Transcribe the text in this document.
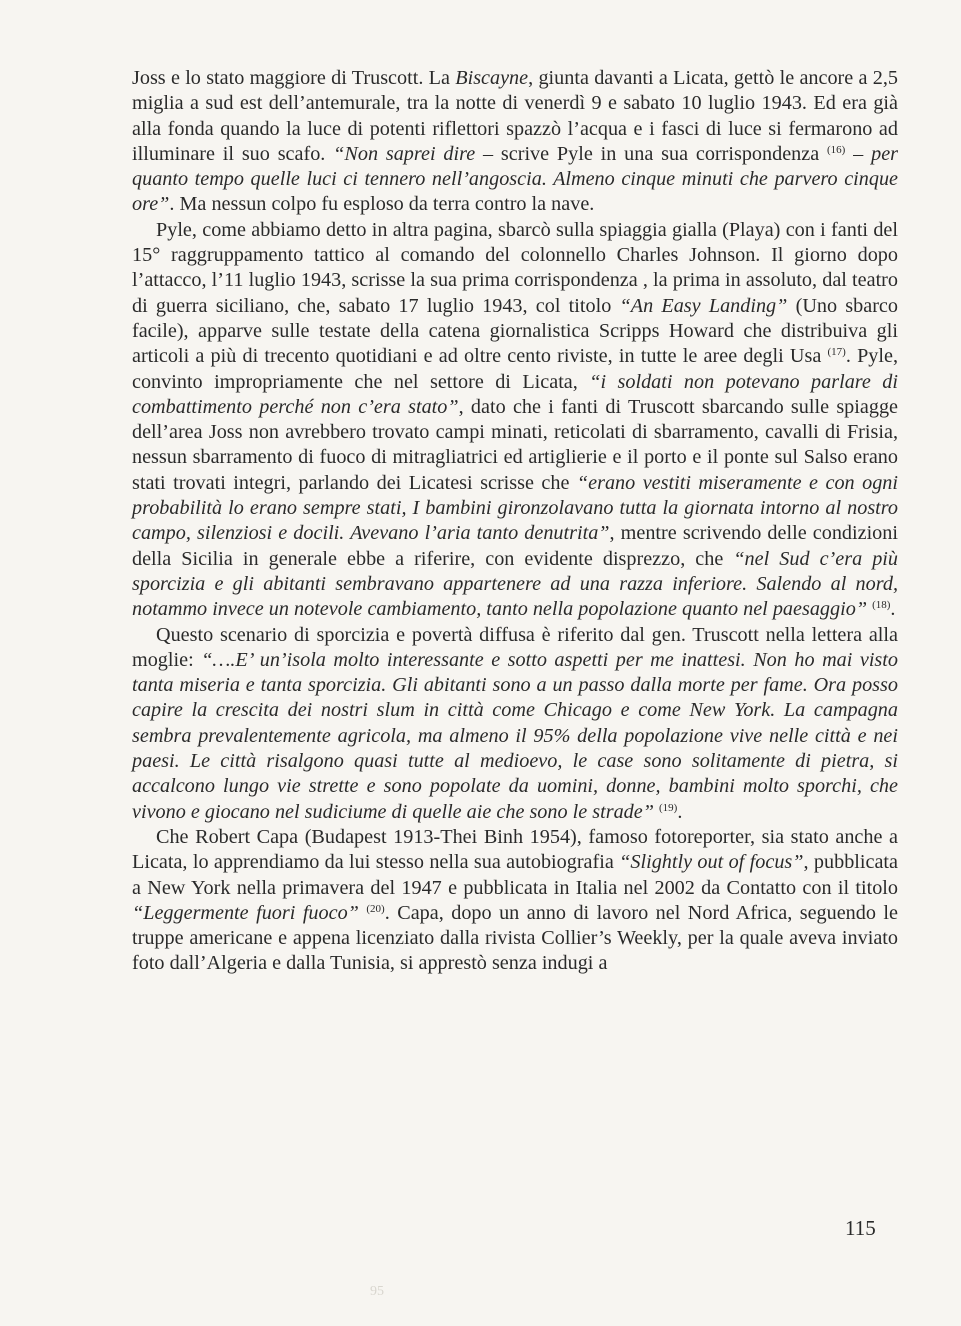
Joss e lo stato maggiore di Truscott. La Biscayne, giunta davanti a Licata, gettò le ancore a 2,5 miglia a sud est dell’antemurale, tra la notte di venerdì 9 e sabato 10 luglio 1943. Ed era già alla fonda quando la luce di potenti riflettori spazzò l’acqua e i fasci di luce si fermarono ad illuminare il suo scafo. “Non saprei dire – scrive Pyle in una sua corrispondenza $^{(16)}$ – per quanto tempo quelle luci ci tennero nell’angoscia. Almeno cinque minuti che parvero cinque ore”. Ma nessun colpo fu esploso da terra contro la nave.

Pyle, come abbiamo detto in altra pagina, sbarcò sulla spiaggia gialla (Playa) con i fanti del 15° raggruppamento tattico al comando del colonnello Charles Johnson. Il giorno dopo l’attacco, l’11 luglio 1943, scrisse la sua prima corrispondenza , la prima in assoluto, dal teatro di guerra siciliano, che, sabato 17 luglio 1943, col titolo “An Easy Landing” (Uno sbarco facile), apparve sulle testate della catena giornalistica Scripps Howard che distribuiva gli articoli a più di trecento quotidiani e ad oltre cento riviste, in tutte le aree degli Usa $^{(17)}$. Pyle, convinto impropriamente che nel settore di Licata, “i soldati non potevano parlare di combattimento perché non c’era stato”, dato che i fanti di Truscott sbarcando sulle spiagge dell’area Joss non avrebbero trovato campi minati, reticolati di sbarramento, cavalli di Frisia, nessun sbarramento di fuoco di mitragliatrici ed artiglierie e il porto e il ponte sul Salso erano stati trovati integri, parlando dei Licatesi scrisse che “erano vestiti miseramente e con ogni probabilità lo erano sempre stati, I bambini gironzolavano tutta la giornata intorno al nostro campo, silenziosi e docili. Avevano l’aria tanto denutrita”, mentre scrivendo delle condizioni della Sicilia in generale ebbe a riferire, con evidente disprezzo, che “nel Sud c’era più sporcizia e gli abitanti sembravano appartenere ad una razza inferiore. Salendo al nord, notammo invece un notevole cambiamento, tanto nella popolazione quanto nel paesaggio” $^{(18)}$.

Questo scenario di sporcizia e povertà diffusa è riferito dal gen. Truscott nella lettera alla moglie: “….E’ un’isola molto interessante e sotto aspetti per me inattesi. Non ho mai visto tanta miseria e tanta sporcizia. Gli abitanti sono a un passo dalla morte per fame. Ora posso capire la crescita dei nostri slum in città come Chicago e come New York. La campagna sembra prevalentemente agricola, ma almeno il 95% della popolazione vive nelle città e nei paesi. Le città risalgono quasi tutte al medioevo, le case sono solitamente di pietra, si accalcono lungo vie strette e sono popolate da uomini, donne, bambini molto sporchi, che vivono e giocano nel sudiciume di quelle aie che sono le strade” $^{(19)}$.

Che Robert Capa (Budapest 1913-Thei Binh 1954), famoso fotoreporter, sia stato anche a Licata, lo apprendiamo da lui stesso nella sua autobiografia “Slightly out of focus”, pubblicata a New York nella primavera del 1947 e pubblicata in Italia nel 2002 da Contatto con il titolo “Leggermente fuori fuoco” $^{(20)}$. Capa, dopo un anno di lavoro nel Nord Africa, seguendo le truppe americane e appena licenziato dalla rivista Collier’s Weekly, per la quale aveva inviato foto dall’Algeria e dalla Tunisia, si apprestò senza indugi a

115
95
